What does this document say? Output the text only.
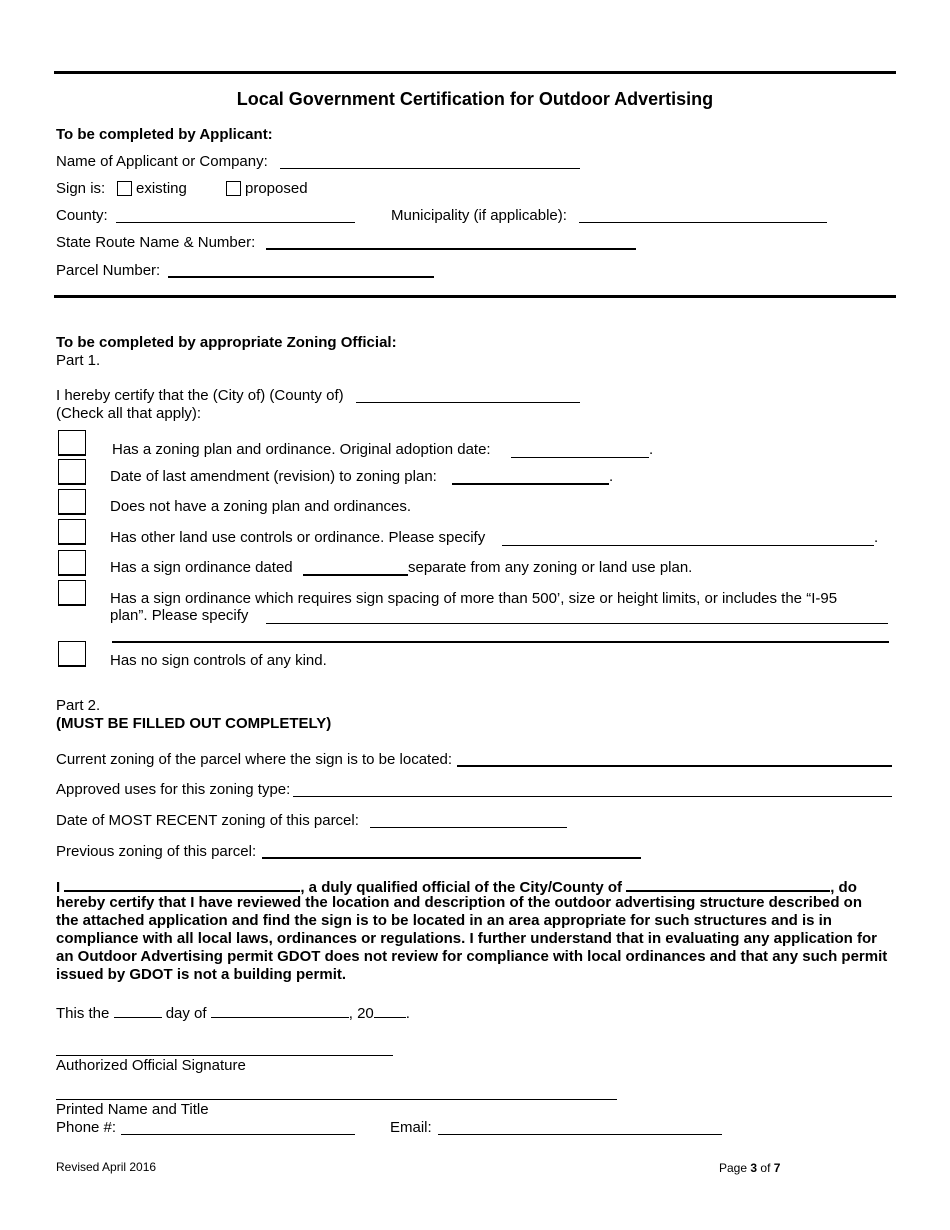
Local Government Certification for Outdoor Advertising
To be completed by Applicant:
Name of Applicant or Company:
Sign is: existing	proposed
County:	Municipality (if applicable):
State Route Name & Number:
Parcel Number:
To be completed by appropriate Zoning Official:
Part 1.
I hereby certify that the (City of) (County of)
(Check all that apply):
Has a zoning plan and ordinance. Original adoption date:	.
Date of last amendment (revision) to zoning plan:	.
Does not have a zoning plan and ordinances.
Has other land use controls or ordinance. Please specify	.
Has a sign ordinance dated	separate from any zoning or land use plan.
Has a sign ordinance which requires sign spacing of more than 500’, size or height limits, or includes the “I-95
plan”. Please specify
Has no sign controls of any kind.
Part 2.
(MUST BE FILLED OUT COMPLETELY)
Current zoning of the parcel where the sign is to be located:
Approved uses for this zoning type:
Date of MOST RECENT zoning of this parcel:
Previous zoning of this parcel:
I	, a duly qualified official of the City/County of	, do
hereby certify that I have reviewed the location and description of the outdoor advertising structure described on the attached application and find the sign is to be located in an area appropriate for such structures and is in compliance with all local laws, ordinances or regulations. I further understand that in evaluating any application for an Outdoor Advertising permit GDOT does not review for compliance with local ordinances and that any such permit issued by GDOT is not a building permit.
This the	day of	, 20 .
Authorized Official Signature
Printed Name and Title
Phone #:	Email:
Revised April 2016	Page 3 of 7
